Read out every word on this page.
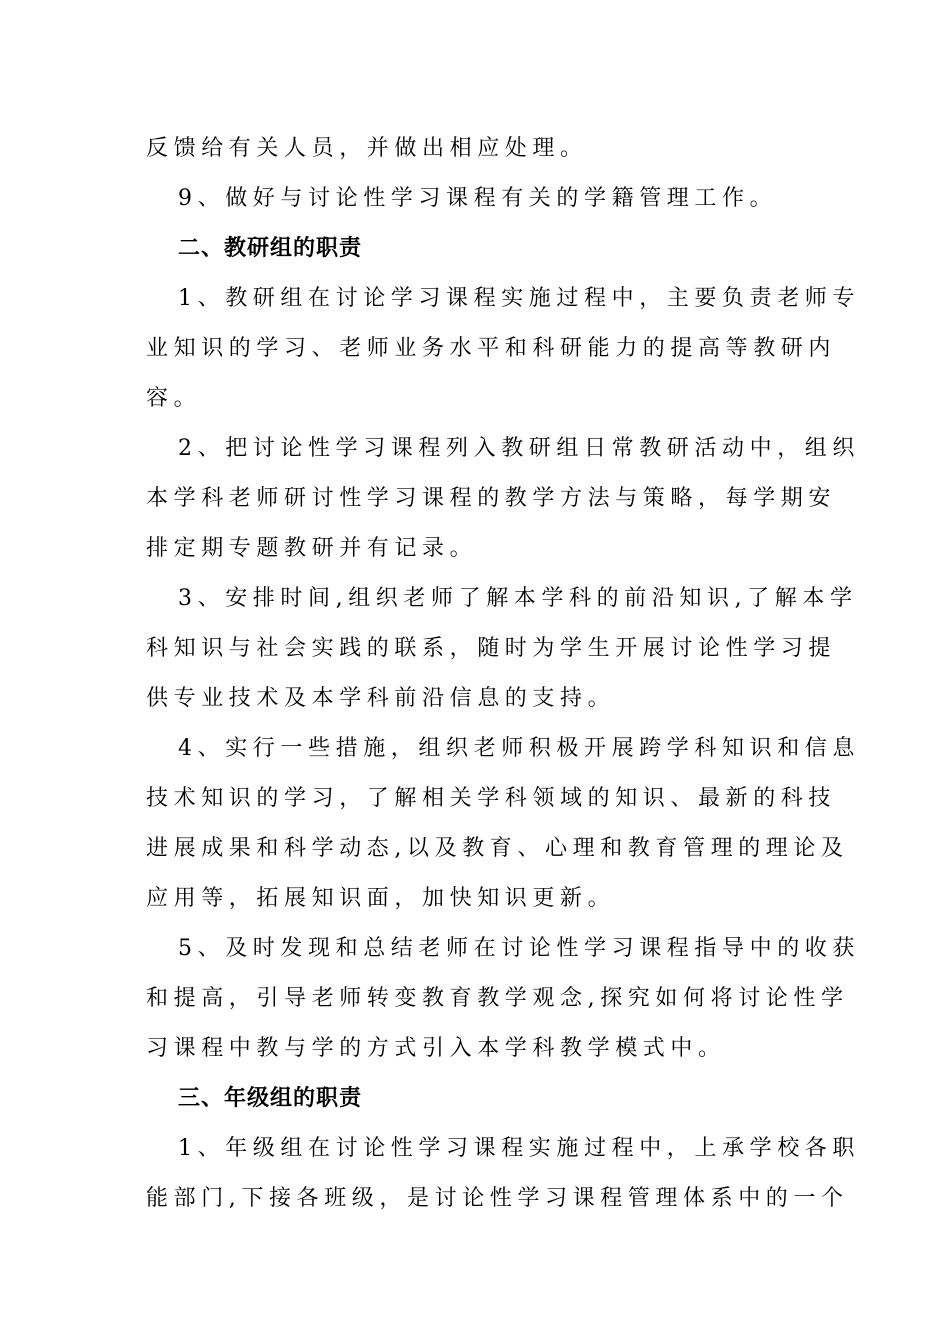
反馈给有关人员，并做出相应处理。
9、做好与讨论性学习课程有关的学籍管理工作。
二、教研组的职责
1、教研组在讨论学习课程实施过程中，主要负责老师专
业知识的学习、老师业务水平和科研能力的提高等教研内
容。
2、把讨论性学习课程列入教研组日常教研活动中，组织
本学科老师研讨性学习课程的教学方法与策略，每学期安
排定期专题教研并有记录。
3、安排时间,组织老师了解本学科的前沿知识,了解本学
科知识与社会实践的联系，随时为学生开展讨论性学习提
供专业技术及本学科前沿信息的支持。
4、实行一些措施，组织老师积极开展跨学科知识和信息
技术知识的学习，了解相关学科领域的知识、最新的科技
进展成果和科学动态,以及教育、心理和教育管理的理论及
应用等，拓展知识面，加快知识更新。
5、及时发现和总结老师在讨论性学习课程指导中的收获
和提高，引导老师转变教育教学观念,探究如何将讨论性学
习课程中教与学的方式引入本学科教学模式中。
三、年级组的职责
1、年级组在讨论性学习课程实施过程中，上承学校各职
能部门,下接各班级，是讨论性学习课程管理体系中的一个
